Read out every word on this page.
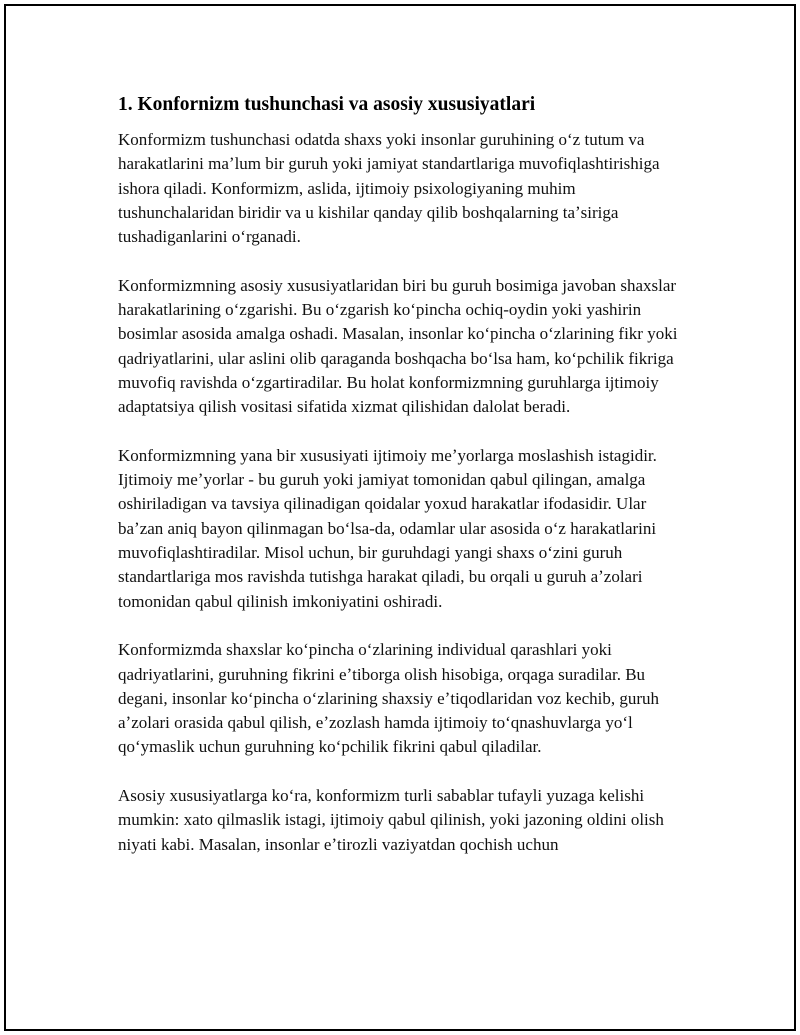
1. Konfornizm tushunchasi va asosiy xususiyatlari

Konformizm tushunchasi odatda shaxs yoki insonlar guruhining oʻz tutum va harakatlarini maʼlum bir guruh yoki jamiyat standartlariga muvofiqlashtirishiga ishora qiladi. Konformizm, aslida, ijtimoiy psixologiyaning muhim tushunchalaridan biridir va u kishilar qanday qilib boshqalarning taʼsiriga tushadiganlarini oʻrganadi.

Konformizmning asosiy xususiyatlaridan biri bu guruh bosimiga javoban shaxslar harakatlarining oʻzgarishi. Bu oʻzgarish koʻpincha ochiq-oydin yoki yashirin bosimlar asosida amalga oshadi. Masalan, insonlar koʻpincha oʻzlarining fikr yoki qadriyatlarini, ular aslini olib qaraganda boshqacha boʻlsa ham, koʻpchilik fikriga muvofiq ravishda oʻzgartiradilar. Bu holat konformizmning guruhlarga ijtimoiy adaptatsiya qilish vositasi sifatida xizmat qilishidan dalolat beradi.

Konformizmning yana bir xususiyati ijtimoiy meʼyorlarga moslashish istagidir. Ijtimoiy meʼyorlar - bu guruh yoki jamiyat tomonidan qabul qilingan, amalga oshiriladigan va tavsiya qilinadigan qoidalar yoxud harakatlar ifodasidir. Ular baʼzan aniq bayon qilinmagan boʻlsa-da, odamlar ular asosida oʻz harakatlarini muvofiqlashtiradilar. Misol uchun, bir guruhdagi yangi shaxs oʻzini guruh standartlariga mos ravishda tutishga harakat qiladi, bu orqali u guruh aʼzolari tomonidan qabul qilinish imkoniyatini oshiradi.

Konformizmda shaxslar koʻpincha oʻzlarining individual qarashlari yoki qadriyatlarini, guruhning fikrini eʼtiborga olish hisobiga, orqaga suradilar. Bu degani, insonlar koʻpincha oʻzlarining shaxsiy eʼtiqodlaridan voz kechib, guruh aʼzolari orasida qabul qilish, eʼzozlash hamda ijtimoiy toʻqnashuvlarga yoʻl qoʻymaslik uchun guruhning koʻpchilik fikrini qabul qiladilar.

Asosiy xususiyatlarga koʻra, konformizm turli sabablar tufayli yuzaga kelishi mumkin: xato qilmaslik istagi, ijtimoiy qabul qilinish, yoki jazoning oldini olish niyati kabi. Masalan, insonlar eʼtirozli vaziyatdan qochish uchun
